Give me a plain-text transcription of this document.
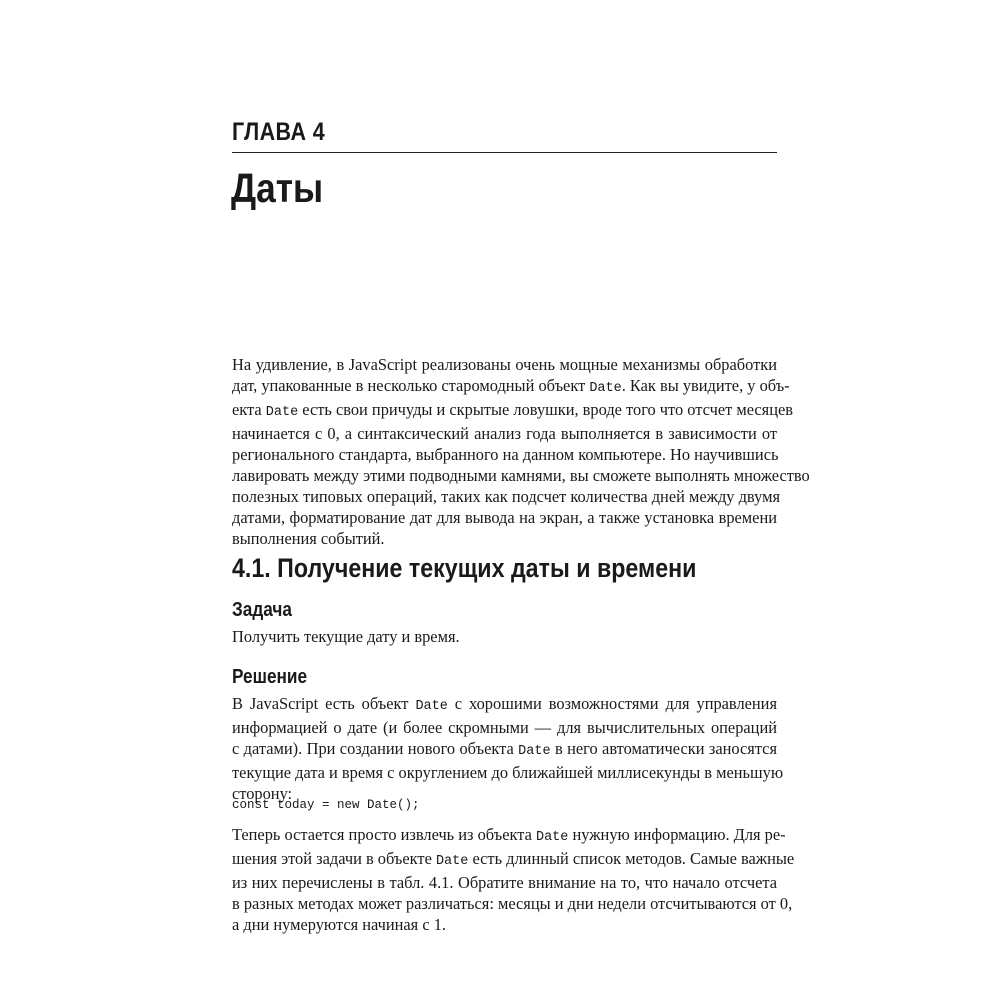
ГЛАВА 4
Даты

На удивление, в JavaScript реализованы очень мощные механизмы обработки
дат, упакованные в несколько старомодный объект Date. Как вы увидите, у объ-
екта Date есть свои причуды и скрытые ловушки, вроде того что отсчет месяцев
начинается с 0, а синтаксический анализ года выполняется в зависимости от
регионального стандарта, выбранного на данном компьютере. Но научившись
лавировать между этими подводными камнями, вы сможете выполнять множество
полезных типовых операций, таких как подсчет количества дней между двумя
датами, форматирование дат для вывода на экран, а также установка времени
выполнения событий.

4.1. Получение текущих даты и времени
Задача

Получить текущие дату и время.

Решение

В JavaScript есть объект Date с хорошими возможностями для управления
информацией о дате (и более скромными — для вычислительных операций
с датами). При создании нового объекта Date в него автоматически заносятся
текущие дата и время с округлением до ближайшей миллисекунды в меньшую
сторону:

const today = new Date();

Теперь остается просто извлечь из объекта Date нужную информацию. Для ре-
шения этой задачи в объекте Date есть длинный список методов. Самые важные
из них перечислены в табл. 4.1. Обратите внимание на то, что начало отсчета
в разных методах может различаться: месяцы и дни недели отсчитываются от 0,
а дни нумеруются начиная с 1.
